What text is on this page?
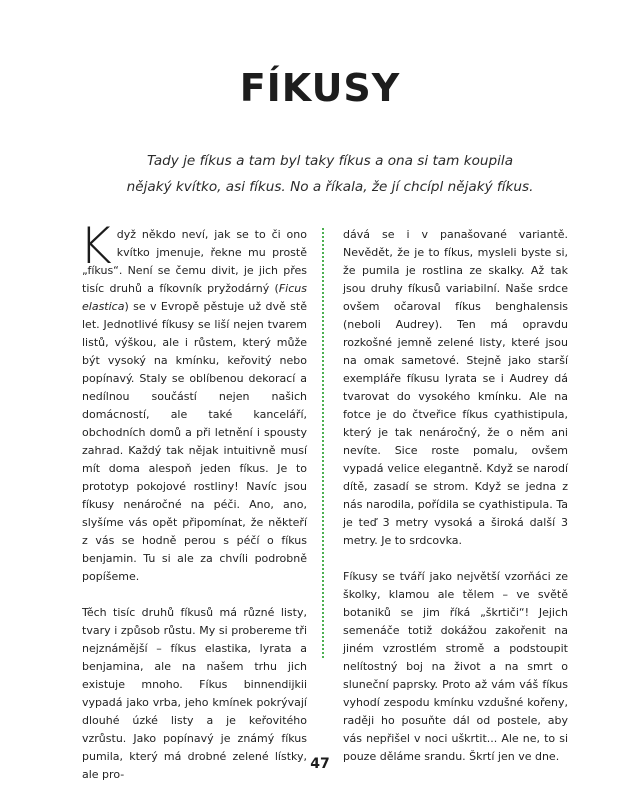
FÍKUSY
Tady je fíkus a tam byl taky fíkus a ona si tam koupila
nějaký kvítko, asi fíkus. No a říkala, že jí chcípl nějaký fíkus.

Když někdo neví, jak se to či ono kvítko jmenuje, řekne mu prostě „fíkus“. Není se čemu divit, je jich přes tisíc druhů a fíkovník pryžodárný (Ficus elastica) se v Evropě pěstuje už dvě stě let. Jednotlivé fíkusy se liší nejen tvarem listů, výškou, ale i růstem, který může být vysoký na kmínku, keřovitý nebo popínavý. Staly se oblíbenou dekorací a nedílnou součástí nejen našich domácností, ale také kanceláří, obchodních domů a při letnění i spousty zahrad. Každý tak nějak intuitivně musí mít doma alespoň jeden fíkus. Je to prototyp pokojové rostliny! Navíc jsou fíkusy nenáročné na péči. Ano, ano, slyšíme vás opět připomínat, že někteří z vás se hodně perou s péčí o fíkus benjamin. Tu si ale za chvíli podrobně popíšeme.

Těch tisíc druhů fíkusů má různé listy, tvary i způsob růstu. My si probereme tři nejznámější – fíkus elastika, lyrata a benjamina, ale na našem trhu jich existuje mnoho. Fíkus binnendijkii vypadá jako vrba, jeho kmínek pokrývají dlouhé úzké listy a je keřovitého vzrůstu. Jako popínavý je známý fíkus pumila, který má drobné zelené lístky, ale pro-

dává se i v panašované variantě. Nevědět, že je to fíkus, mysleli byste si, že pumila je rostlina ze skalky. Až tak jsou druhy fíkusů variabilní. Naše srdce ovšem očaroval fíkus benghalensis (neboli Audrey). Ten má opravdu rozkošné jemně zelené listy, které jsou na omak sametové. Stejně jako starší exempláře fíkusu lyrata se i Audrey dá tvarovat do vysokého kmínku. Ale na fotce je do čtveřice fíkus cyathistipula, který je tak nenáročný, že o něm ani nevíte. Sice roste pomalu, ovšem vypadá velice elegantně. Když se narodí dítě, zasadí se strom. Když se jedna z nás narodila, pořídila se cyathistipula. Ta je teď 3 metry vysoká a široká další 3 metry. Je to srdcovka.

Fíkusy se tváří jako největší vzorňáci ze školky, klamou ale tělem – ve světě botaniků se jim říká „škrtiči“! Jejich semenáče totiž dokážou zakořenit na jiném vzrostlém stromě a podstoupit nelítostný boj na život a na smrt o sluneční paprsky. Proto až vám váš fíkus vyhodí zespodu kmínku vzdušné kořeny, raději ho posuňte dál od postele, aby vás nepřišel v noci uškrtit... Ale ne, to si pouze děláme srandu. Škrtí jen ve dne.

47
